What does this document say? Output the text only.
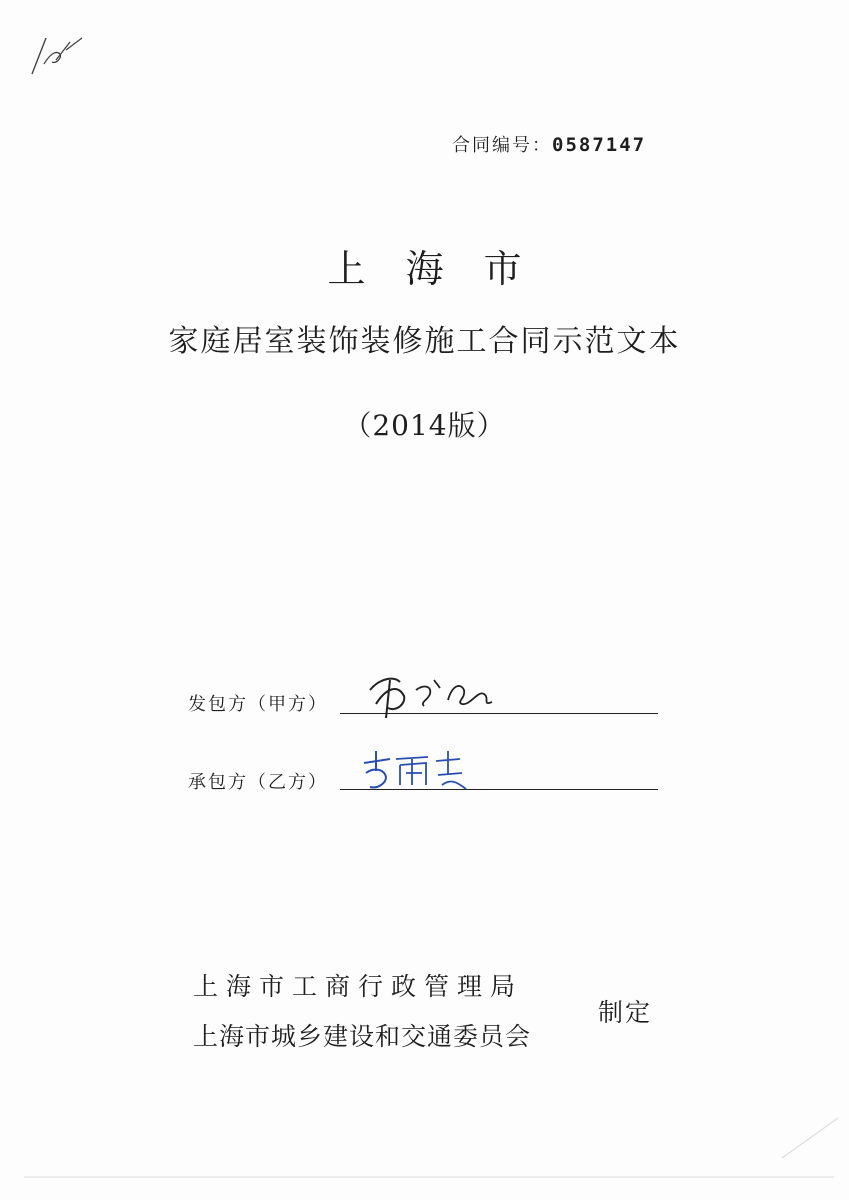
合同编号：0587147
上海市
家庭居室装饰装修施工合同示范文本
（2014版）
发包方（甲方）
承包方（乙方）
上海市工商行政管理局
上海市城乡建设和交通委员会
制定
